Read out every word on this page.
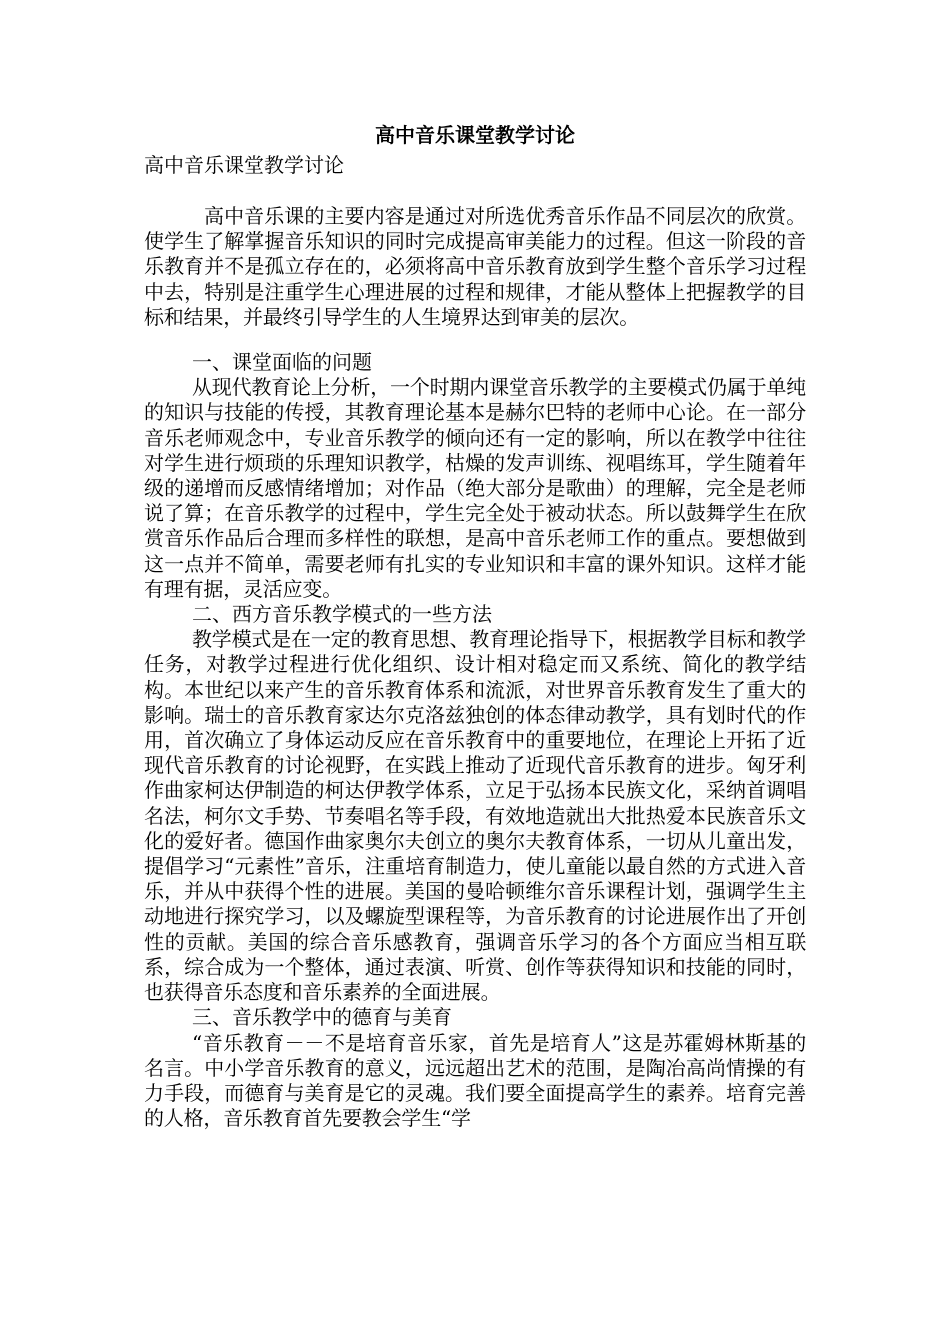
高中音乐课堂教学讨论
高中音乐课堂教学讨论

高中音乐课的主要内容是通过对所选优秀音乐作品不同层次的欣赏。使学生了解掌握音乐知识的同时完成提高审美能力的过程。但这一阶段的音乐教育并不是孤立存在的，必须将高中音乐教育放到学生整个音乐学习过程中去，特别是注重学生心理进展的过程和规律，才能从整体上把握教学的目标和结果，并最终引导学生的人生境界达到审美的层次。

一、课堂面临的问题

从现代教育论上分析，一个时期内课堂音乐教学的主要模式仍属于单纯的知识与技能的传授，其教育理论基本是赫尔巴特的老师中心论。在一部分音乐老师观念中，专业音乐教学的倾向还有一定的影响，所以在教学中往往对学生进行烦琐的乐理知识教学，枯燥的发声训练、视唱练耳，学生随着年级的递增而反感情绪增加；对作品（绝大部分是歌曲）的理解，完全是老师说了算；在音乐教学的过程中，学生完全处于被动状态。所以鼓舞学生在欣赏音乐作品后合理而多样性的联想，是高中音乐老师工作的重点。要想做到这一点并不简单，需要老师有扎实的专业知识和丰富的课外知识。这样才能有理有据，灵活应变。

二、西方音乐教学模式的一些方法

教学模式是在一定的教育思想、教育理论指导下，根据教学目标和教学任务，对教学过程进行优化组织、设计相对稳定而又系统、简化的教学结构。本世纪以来产生的音乐教育体系和流派，对世界音乐教育发生了重大的影响。瑞士的音乐教育家达尔克洛兹独创的体态律动教学，具有划时代的作用，首次确立了身体运动反应在音乐教育中的重要地位，在理论上开拓了近现代音乐教育的讨论视野，在实践上推动了近现代音乐教育的进步。匈牙利作曲家柯达伊制造的柯达伊教学体系，立足于弘扬本民族文化，采纳首调唱名法，柯尔文手势、节奏唱名等手段，有效地造就出大批热爱本民族音乐文化的爱好者。德国作曲家奥尔夫创立的奥尔夫教育体系，一切从儿童出发，提倡学习“元素性”音乐，注重培育制造力，使儿童能以最自然的方式进入音乐，并从中获得个性的进展。美国的曼哈顿维尔音乐课程计划，强调学生主动地进行探究学习，以及螺旋型课程等，为音乐教育的讨论进展作出了开创性的贡献。美国的综合音乐感教育，强调音乐学习的各个方面应当相互联系，综合成为一个整体，通过表演、听赏、创作等获得知识和技能的同时，也获得音乐态度和音乐素养的全面进展。

三、音乐教学中的德育与美育

“音乐教育－－不是培育音乐家，首先是培育人”这是苏霍姆林斯基的名言。中小学音乐教育的意义，远远超出艺术的范围，是陶冶高尚情操的有力手段，而德育与美育是它的灵魂。我们要全面提高学生的素养。培育完善的人格，音乐教育首先要教会学生“学
